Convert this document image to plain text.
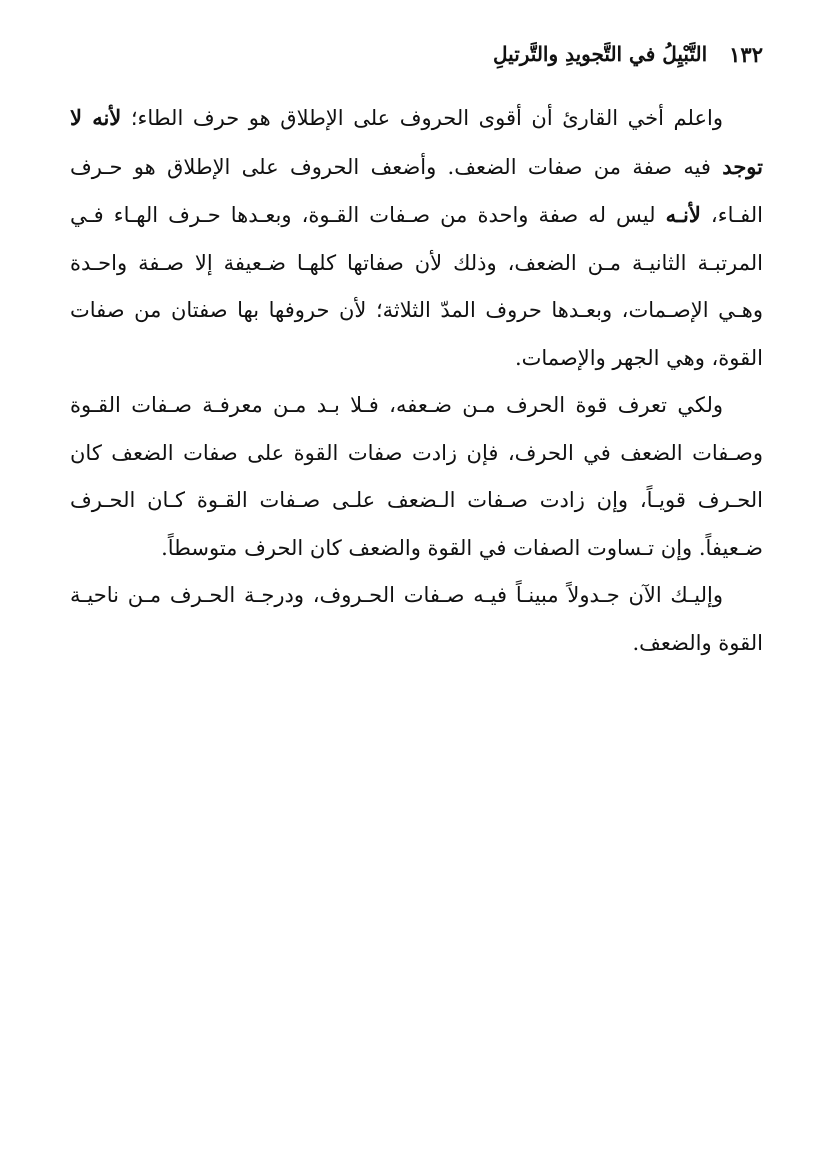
١٣٢
التَّبْيِلُ في التَّجويدِ والتَّرتيلِ

واعلم أخي القارئ أن أقوى الحروف على الإطلاق هو حرف الطاء؛ لأنه لا توجد فيه صفة من صفات الضعف. وأضعف الحروف على الإطلاق هو حـرف الفـاء، لأنـه ليس له صفة واحدة من صـفات القـوة، وبعـدها حـرف الهـاء فـي المرتبـة الثانيـة مـن الضعف، وذلك لأن صفاتها كلهـا ضـعيفة إلا صـفة واحـدة وهـي الإصـمات، وبعـدها حروف المدّ الثلاثة؛ لأن حروفها بها صفتان من صفات القوة، وهي الجهر والإصمات.

ولكي تعرف قوة الحرف مـن ضـعفه، فـلا بـد مـن معرفـة صـفات القـوة وصـفات الضعف في الحرف، فإن زادت صفات القوة على صفات الضعف كان الحـرف قويـاً، وإن زادت صـفات الـضعف علـى صـفات القـوة كـان الحـرف ضـعيفاً. وإن تـساوت الصفات في القوة والضعف كان الحرف متوسطاً.

وإليـك الآن جـدولاً مبينـاً فيـه صـفات الحـروف، ودرجـة الحـرف مـن ناحيـة القوة والضعف.
